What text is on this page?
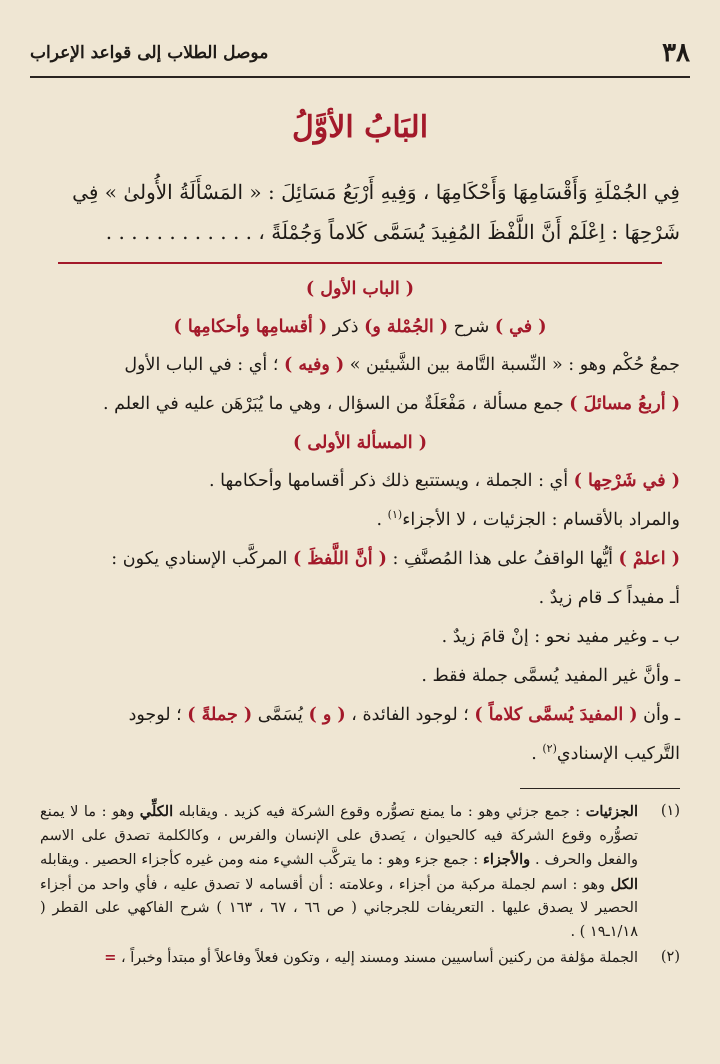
٣٨
موصل الطلاب إلى قواعد الإعراب
البَابُ الأوَّلُ

فِي الجُمْلَةِ وَأَقْسَامِهَا وَأَحْكَامِهَا ، وَفِيهِ أَرْبَعُ مَسَائِلَ : « المَسْأَلَةُ الأُولىٰ » فِي

شَرْحِهَا : اِعْلَمْ أَنَّ اللَّفْظَ المُفِيدَ يُسَمَّى كَلاماً وَجُمْلَةً ، . . . . . . . . . . . .

( الباب الأول )
( في ) شرح ( الجُمْلة و) ذكر ( أقسامِها وأحكامِها )
جمعُ حُكْم وهو : « النِّسبة التَّامة بين الشَّيئين » ( وفيه ) ؛ أي : في الباب الأول
( أربعُ مسائلَ ) جمع مسألة ، مَفْعَلَةٌ من السؤال ، وهي ما يُبَرْهَن عليه في العلم .
( المسألة الأولى )
( في شَرْحِها ) أي : الجملة ، ويستتبع ذلك ذكر أقسامها وأحكامها .
والمراد بالأقسام : الجزئيات ، لا الأجزاء$^{(١)}$ .
( اعلمْ ) أيُّها الواقفُ على هذا المُصنَّفِ : ( أنَّ اللَّفظَ ) المركَّب الإسنادي يكون :
أـ مفيداً كـ قام زيدٌ .
ب ـ وغير مفيد نحو : إنْ قامَ زيدٌ .
ـ وأنَّ غير المفيد يُسمَّى جملة فقط .
ـ وأن ( المفيدَ يُسمَّى كلاماً ) ؛ لوجود الفائدة ، ( و ) يُسَمَّى ( جملةً ) ؛ لوجود
التَّركيب الإسنادي$^{(٢)}$ .
(١)
الجزئيات : جمع جزئي وهو : ما يمنع تصوُّره وقوع الشركة فيه كزيد . ويقابله الكلِّي وهو : ما لا يمنع تصوُّره وقوع الشركة فيه كالحيوان ، يَصدق على الإنسان والفرس ، وكالكلمة تصدق على الاسم والفعل والحرف . والأجزاء : جمع جزء وهو : ما يتركَّب الشيء منه ومن غيره كأجزاء الحصير . ويقابله الكل وهو : اسم لجملة مركبة من أجزاء ، وعلامته : أن أقسامه لا تصدق عليه ، فأي واحد من أجزاء الحصير لا يصدق عليها . التعريفات للجرجاني ( ص ٦٦ ، ٦٧ ، ١٦٣ ) شرح الفاكهي على القطر ( ١/١٨ـ١٩ ) .
(٢)
الجملة مؤلفة من ركنين أساسيين مسند ومسند إليه ، وتكون فعلاً وفاعلاً أو مبتدأ وخبراً ، =
